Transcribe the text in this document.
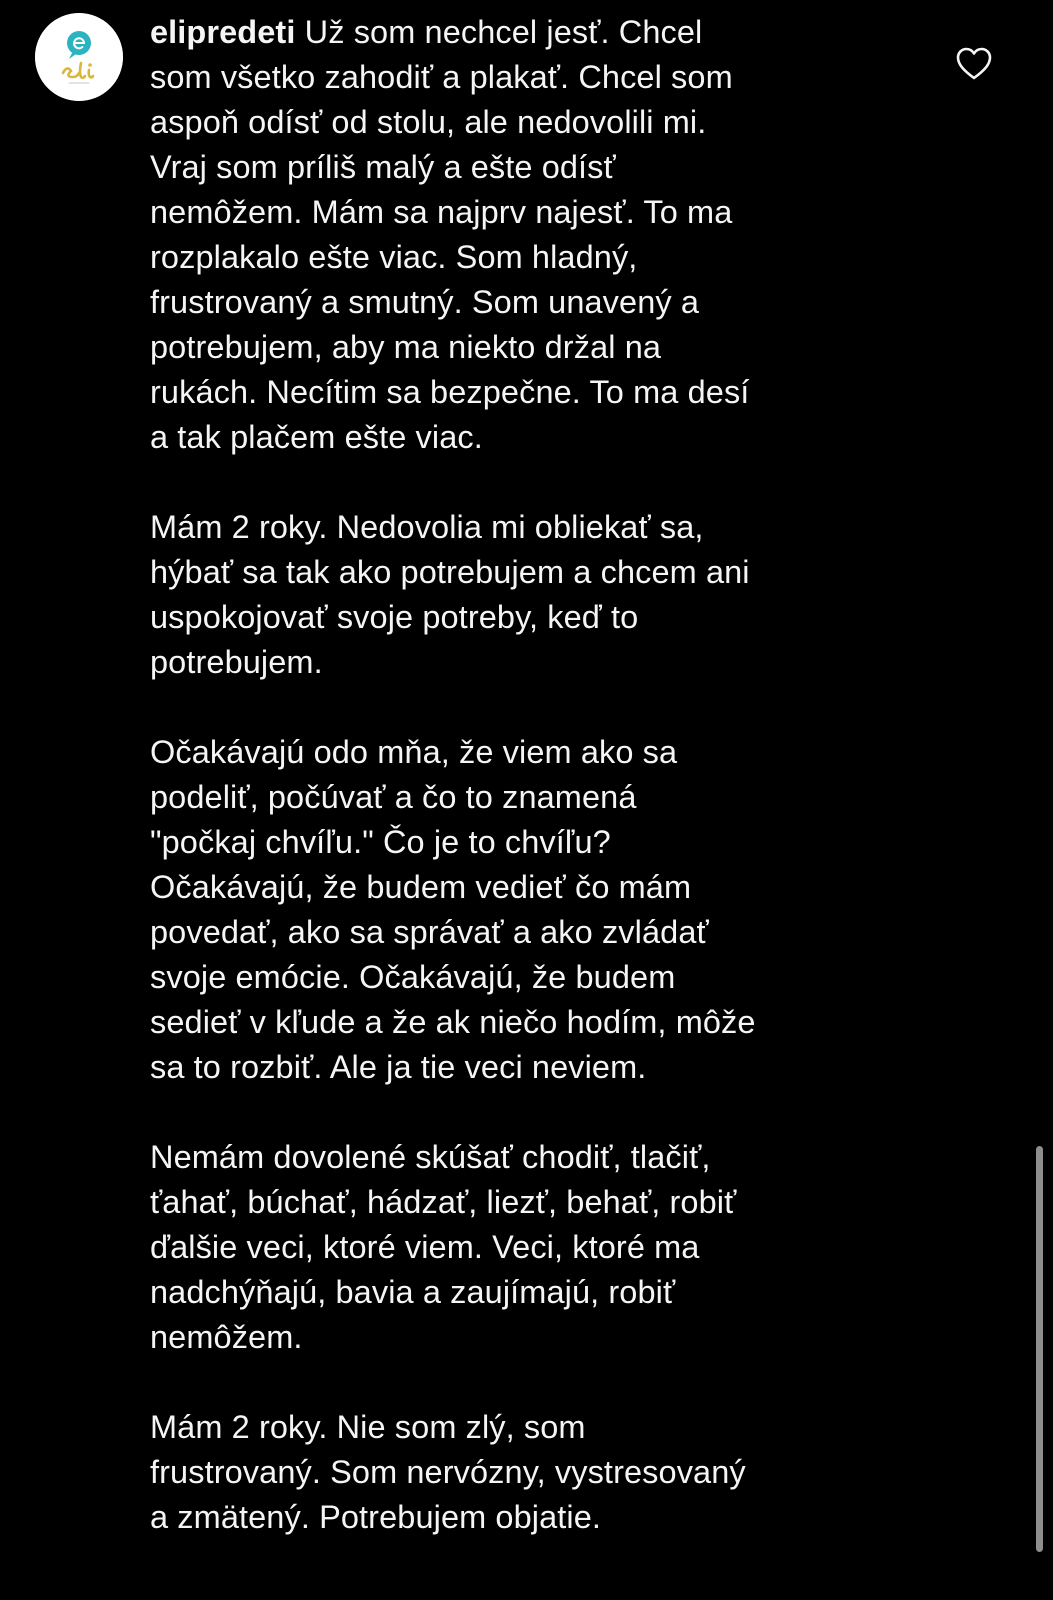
elipredeti Už som nechcel jesť. Chcel
som všetko zahodiť a plakať. Chcel som
aspoň odísť od stolu, ale nedovolili mi.
Vraj som príliš malý a ešte odísť
nemôžem. Mám sa najprv najesť. To ma
rozplakalo ešte viac. Som hladný,
frustrovaný a smutný. Som unavený a
potrebujem, aby ma niekto držal na
rukách. Necítim sa bezpečne. To ma desí
a tak plačem ešte viac.

Mám 2 roky. Nedovolia mi obliekať sa,
hýbať sa tak ako potrebujem a chcem ani
uspokojovať svoje potreby, keď to
potrebujem.

Očakávajú odo mňa, že viem ako sa
podeliť, počúvať a čo to znamená
"počkaj chvíľu." Čo je to chvíľu?
Očakávajú, že budem vedieť čo mám
povedať, ako sa správať a ako zvládať
svoje emócie. Očakávajú, že budem
sedieť v kľude a že ak niečo hodím, môže
sa to rozbiť. Ale ja tie veci neviem.

Nemám dovolené skúšať chodiť, tlačiť,
ťahať, búchať, hádzať, liezť, behať, robiť
ďalšie veci, ktoré viem. Veci, ktoré ma
nadchýňajú, bavia a zaujímajú, robiť
nemôžem.

Mám 2 roky. Nie som zlý, som
frustrovaný. Som nervózny, vystresovaný
a zmätený. Potrebujem objatie.
